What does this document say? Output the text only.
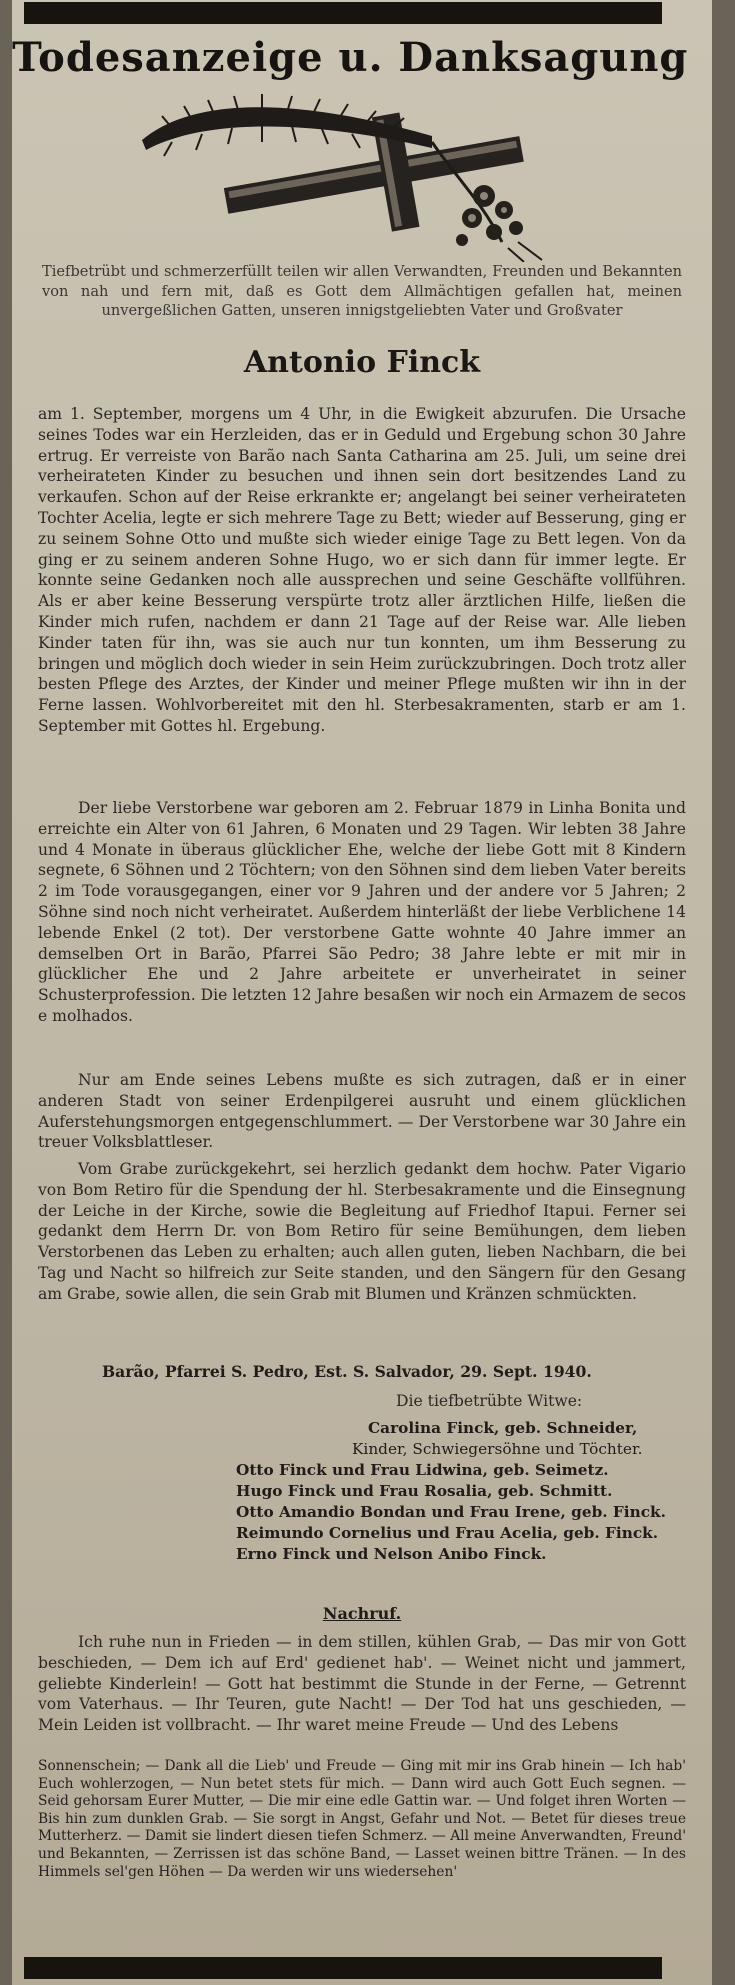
Todesanzeige u. Danksagung

Tiefbetrübt und schmerzerfüllt teilen wir allen Verwandten, Freunden und Bekannten von nah und fern mit, daß es Gott dem Allmächtigen gefallen hat, meinen unvergeßlichen Gatten, unseren innigstgeliebten Vater und Großvater

Antonio Finck

am 1. September, morgens um 4 Uhr, in die Ewigkeit abzurufen. Die Ursache seines Todes war ein Herzleiden, das er in Geduld und Ergebung schon 30 Jahre ertrug. Er verreiste von Barão nach Santa Catharina am 25. Juli, um seine drei verheirateten Kinder zu besuchen und ihnen sein dort besitzendes Land zu verkaufen. Schon auf der Reise erkrankte er; angelangt bei seiner verheirateten Tochter Acelia, legte er sich mehrere Tage zu Bett; wieder auf Besserung, ging er zu seinem Sohne Otto und mußte sich wieder einige Tage zu Bett legen. Von da ging er zu seinem anderen Sohne Hugo, wo er sich dann für immer legte. Er konnte seine Gedanken noch alle aussprechen und seine Geschäfte vollführen. Als er aber keine Besserung verspürte trotz aller ärztlichen Hilfe, ließen die Kinder mich rufen, nachdem er dann 21 Tage auf der Reise war. Alle lieben Kinder taten für ihn, was sie auch nur tun konnten, um ihm Besserung zu bringen und möglich doch wieder in sein Heim zurückzubringen. Doch trotz aller besten Pflege des Arztes, der Kinder und meiner Pflege mußten wir ihn in der Ferne lassen. Wohlvorbereitet mit den hl. Sterbesakramenten, starb er am 1. September mit Gottes hl. Ergebung.

Der liebe Verstorbene war geboren am 2. Februar 1879 in Linha Bonita und erreichte ein Alter von 61 Jahren, 6 Monaten und 29 Tagen. Wir lebten 38 Jahre und 4 Monate in überaus glücklicher Ehe, welche der liebe Gott mit 8 Kindern segnete, 6 Söhnen und 2 Töchtern; von den Söhnen sind dem lieben Vater bereits 2 im Tode vorausgegangen, einer vor 9 Jahren und der andere vor 5 Jahren; 2 Söhne sind noch nicht verheiratet. Außerdem hinterläßt der liebe Verblichene 14 lebende Enkel (2 tot). Der verstorbene Gatte wohnte 40 Jahre immer an demselben Ort in Barão, Pfarrei São Pedro; 38 Jahre lebte er mit mir in glücklicher Ehe und 2 Jahre arbeitete er unverheiratet in seiner Schusterprofession. Die letzten 12 Jahre besaßen wir noch ein Armazem de secos e molhados.

Nur am Ende seines Lebens mußte es sich zutragen, daß er in einer anderen Stadt von seiner Erdenpilgerei ausruht und einem glücklichen Auferstehungsmorgen entgegenschlummert. — Der Verstorbene war 30 Jahre ein treuer Volksblattleser.

Vom Grabe zurückgekehrt, sei herzlich gedankt dem hochw. Pater Vigario von Bom Retiro für die Spendung der hl. Sterbesakramente und die Einsegnung der Leiche in der Kirche, sowie die Begleitung auf Friedhof Itapui. Ferner sei gedankt dem Herrn Dr. von Bom Retiro für seine Bemühungen, dem lieben Verstorbenen das Leben zu erhalten; auch allen guten, lieben Nachbarn, die bei Tag und Nacht so hilfreich zur Seite standen, und den Sängern für den Gesang am Grabe, sowie allen, die sein Grab mit Blumen und Kränzen schmückten.

Barão, Pfarrei S. Pedro, Est. S. Salvador, 29. Sept. 1940.
Die tiefbetrübte Witwe:
Carolina Finck, geb. Schneider,
Kinder, Schwiegersöhne und Töchter.
Otto Finck und Frau Lidwina, geb. Seimetz.
Hugo Finck und Frau Rosalia, geb. Schmitt.
Otto Amandio Bondan und Frau Irene, geb. Finck.
Reimundo Cornelius und Frau Acelia, geb. Finck.
Erno Finck und Nelson Anibo Finck.
Nachruf.

Ich ruhe nun in Frieden — in dem stillen, kühlen Grab, — Das mir von Gott beschieden, — Dem ich auf Erd' gedienet hab'. — Weinet nicht und jammert, geliebte Kinderlein! — Gott hat bestimmt die Stunde in der Ferne, — Getrennt vom Vaterhaus. — Ihr Teuren, gute Nacht! — Der Tod hat uns geschieden, — Mein Leiden ist vollbracht. — Ihr waret meine Freude — Und des Lebens

Sonnenschein; — Dank all die Lieb' und Freude — Ging mit mir ins Grab hinein — Ich hab' Euch wohlerzogen, — Nun betet stets für mich. — Dann wird auch Gott Euch segnen. — Seid gehorsam Eurer Mutter, — Die mir eine edle Gattin war. — Und folget ihren Worten — Bis hin zum dunklen Grab. — Sie sorgt in Angst, Gefahr und Not. — Betet für dieses treue Mutterherz. — Damit sie lindert diesen tiefen Schmerz. — All meine Anverwandten, Freund' und Bekannten, — Zerrissen ist das schöne Band, — Lasset weinen bittre Tränen. — In des Himmels sel'gen Höhen — Da werden wir uns wiedersehen'
